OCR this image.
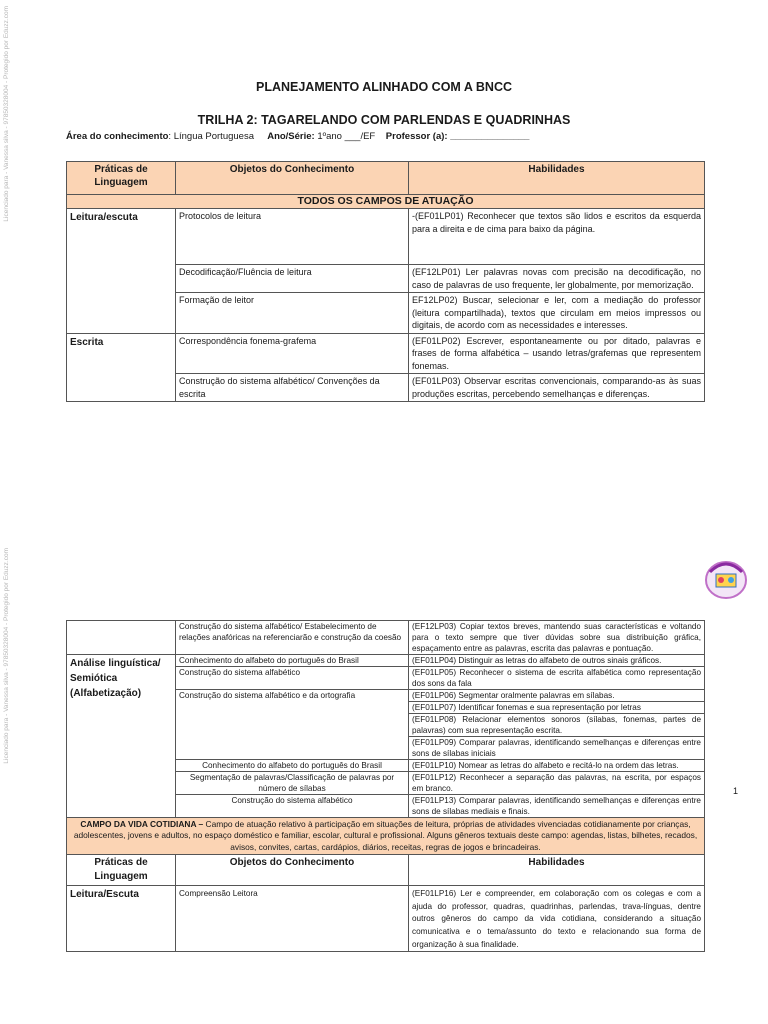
Licenciado para - Vanessa silva - 97850328004 - Protegido por Eduzz.com
Licenciado para - Vanessa silva - 97850328004 - Protegido por Eduzz.com
PLANEJAMENTO ALINHADO COM A BNCC
TRILHA 2: TAGARELANDO COM PARLENDAS E QUADRINHAS
Área do conhecimento: Língua Portuguesa Ano/Série: 1ºano ___/EF Professor (a): _______________
Práticas de Linguagem	Objetos do Conhecimento	Habilidades
TODOS OS CAMPOS DE ATUAÇÃO		
Leitura/escuta	Protocolos de leitura	-(EF01LP01) Reconhecer que textos são lidos e escritos da esquerda para a direita e de cima para baixo da página.
	Decodificação/Fluência de leitura	(EF12LP01) Ler palavras novas com precisão na decodificação, no caso de palavras de uso frequente, ler globalmente, por memorização.
	Formação de leitor	EF12LP02) Buscar, selecionar e ler, com a mediação do professor (leitura compartilhada), textos que circulam em meios impressos ou digitais, de acordo com as necessidades e interesses.
Escrita	Correspondência fonema-grafema	(EF01LP02) Escrever, espontaneamente ou por ditado, palavras e frases de forma alfabética – usando letras/grafemas que representem fonemas.
	Construção do sistema alfabético/ Convenções da escrita	(EF01LP03) Observar escritas convencionais, comparando-as às suas produções escritas, percebendo semelhanças e diferenças.
	Construção do sistema alfabético/ Estabelecimento de relações anafóricas na referenciarão e construção da coesão	(EF12LP03) Copiar textos breves, mantendo suas características e voltando para o texto sempre que tiver dúvidas sobre sua distribuição gráfica, espaçamento entre as palavras, escrita das palavras e pontuação.
Análise linguística/ Semiótica (Alfabetização)	Conhecimento do alfabeto do português do Brasil	(EF01LP04) Distinguir as letras do alfabeto de outros sinais gráficos.
	Construção do sistema alfabético	(EF01LP05) Reconhecer o sistema de escrita alfabética como representação dos sons da fala
	Construção do sistema alfabético e da ortografia	(EF01LP06) Segmentar oralmente palavras em sílabas.
		(EF01LP07) Identificar fonemas e sua representação por letras
		(EF01LP08) Relacionar elementos sonoros (sílabas, fonemas, partes de palavras) com sua representação escrita.
		(EF01LP09) Comparar palavras, identificando semelhanças e diferenças entre sons de sílabas iniciais
	Conhecimento do alfabeto do português do Brasil	(EF01LP10) Nomear as letras do alfabeto e recitá-lo na ordem das letras.
	Segmentação de palavras/Classificação de palavras por número de sílabas	(EF01LP12) Reconhecer a separação das palavras, na escrita, por espaços em branco.
	Construção do sistema alfabético	(EF01LP13) Comparar palavras, identificando semelhanças e diferenças entre sons de sílabas mediais e finais.
CAMPO DA VIDA COTIDIANA – Campo de atuação relativo à participação em situações de leitura, próprias de atividades vivenciadas cotidianamente por crianças, adolescentes, jovens e adultos, no espaço doméstico e familiar, escolar, cultural e profissional. Alguns gêneros textuais deste campo: agendas, listas, bilhetes, recados, avisos, convites, cartas, cardápios, diários, receitas, regras de jogos e brincadeiras.		
Práticas de Linguagem	Objetos do Conhecimento	Habilidades
Leitura/Escuta	Compreensão Leitora	(EF01LP16) Ler e compreender, em colaboração com os colegas e com a ajuda do professor, quadras, quadrinhas, parlendas, trava-línguas, dentre outros gêneros do campo da vida cotidiana, considerando a situação comunicativa e o tema/assunto do texto e relacionando sua forma de organização à sua finalidade.
1
